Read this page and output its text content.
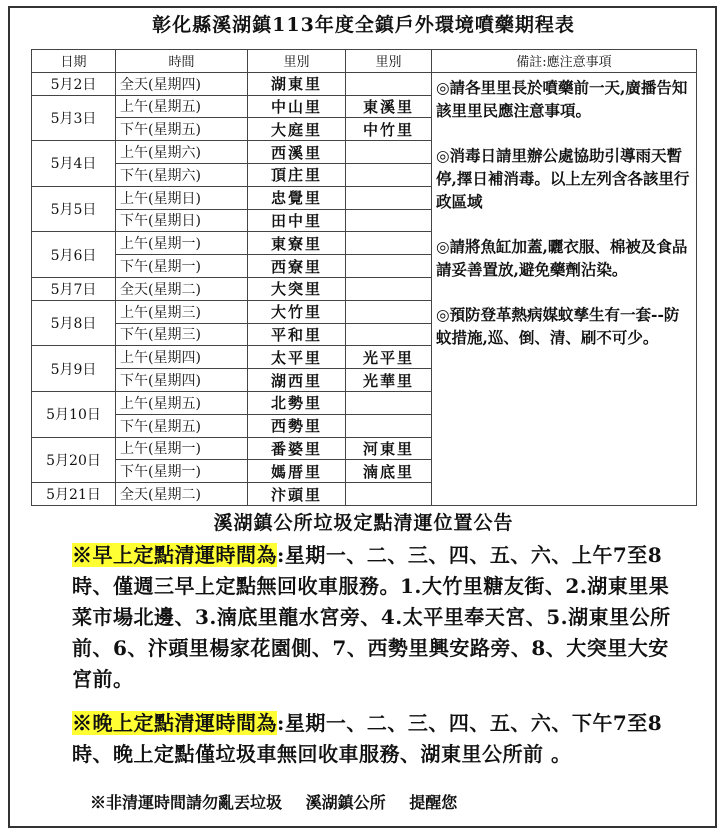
彰化縣溪湖鎮113年度全鎮戶外環境噴藥期程表
日期	時間	里別	里別	備註:應注意事項
5月2日	全天(星期四)	湖東里		◎請各里里長於噴藥前一天,廣播告知該里里民應注意事項。
◎消毒日請里辦公處協助引導雨天暫停,擇日補消毒。以上左列含各該里行政區域
◎請將魚缸加蓋,曬衣服、棉被及食品請妥善置放,避免藥劑沾染。
◎預防登革熱病媒蚊孳生有一套--防蚊措施,巡、倒、清、刷不可少。

5月3日	上午(星期五)	中山里	東溪里	
	下午(星期五)	大庭里	中竹里	
5月4日	上午(星期六)	西溪里		
	下午(星期六)	頂庄里		
5月5日	上午(星期日)	忠覺里		
	下午(星期日)	田中里		
5月6日	上午(星期一)	東寮里		
	下午(星期一)	西寮里		
5月7日	全天(星期二)	大突里		
5月8日	上午(星期三)	大竹里		
	下午(星期三)	平和里		
5月9日	上午(星期四)	太平里	光平里	
	下午(星期四)	湖西里	光華里	
5月10日	上午(星期五)	北勢里		
	下午(星期五)	西勢里		
5月20日	上午(星期一)	番婆里	河東里	
	下午(星期一)	媽厝里	湳底里	
5月21日	全天(星期二)	汴頭里		
溪湖鎮公所垃圾定點清運位置公告
※早上定點清運時間為:星期一、二、三、四、五、六、上午7至8時、僅週三早上定點無回收車服務。1.大竹里糖友街、2.湖東里果菜市場北邊、3.湳底里龍水宮旁、4.太平里奉天宮、5.湖東里公所前、6、汴頭里楊家花園側、7、西勢里興安路旁、8、大突里大安宮前。
※晚上定點清運時間為:星期一、二、三、四、五、六、下午7至8時、晚上定點僅垃圾車無回收車服務、湖東里公所前 。
※非清運時間請勿亂丟垃圾 溪湖鎮公所 提醒您
